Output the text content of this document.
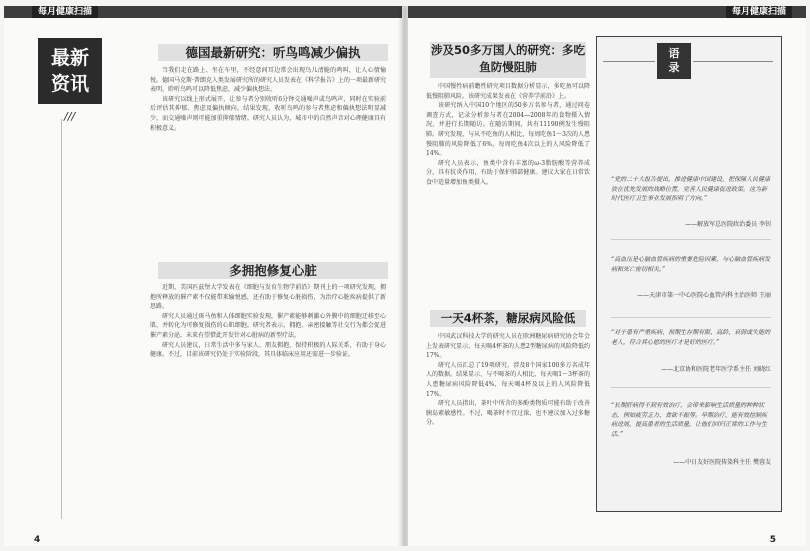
每月健康扫描
最新
资讯
///
德国最新研究：听鸟鸣减少偏执

当我们走在路上、坐在车里，不经意间耳边常会出现鸟儿清脆的鸣叫，让人心情愉悦。德国马克斯·普朗克人类发展研究所的研究人员发表在《科学报告》上的一项最新研究表明，聆听鸟鸣可以降低焦虑，减少偏执想法。

该研究以线上形式展开，让参与者分别收听6分钟交通噪声或鸟鸣声，同时在实验前后评估其抑郁、焦虑及偏执倾向。结果发现，收听鸟鸣的参与者焦虑和偏执想法明显减少，而交通噪声则可能加重抑郁情绪。研究人员认为，城市中的自然声音对心理健康具有积极意义。

多拥抱修复心脏

近期，美国匹兹堡大学发表在《细胞与发育生物学前沿》期刊上的一项研究发现，拥抱所释放的催产素不仅能带来愉悦感，还有助于修复心脏损伤，为治疗心脏疾病提供了新思路。

研究人员通过斑马鱼和人体细胞实验发现，催产素能够刺激心外膜中的细胞迁移至心肌，并转化为可修复损伤的心肌细胞。研究者表示，拥抱、亲密接触等社交行为都会促进催产素分泌，未来有望借此开发针对心脏病的新型疗法。

研究人员建议，日常生活中多与家人、朋友拥抱，保持积极的人际关系，有助于身心健康。不过，目前该研究仍处于实验阶段，其具体临床应用还需进一步验证。

4
每月健康扫描
涉及50多万国人的研究：多吃鱼防慢阻肺

中国慢性病前瞻性研究项目数据分析显示，多吃鱼可以降低慢阻肺风险。该研究成果发表在《营养学前沿》上。

该研究纳入中国10个地区的50多万名参与者，通过问卷调查方式，记录分析参与者在2004—2008年的食物摄入情况，并进行长期随访。在随访期间，共有11190例发生慢阻肺。研究发现，与从不吃鱼的人相比，每周吃鱼1～3次的人患慢阻肺的风险降低了6%，每周吃鱼4次以上的人风险降低了14%。

研究人员表示，鱼类中含有丰富的ω-3脂肪酸等营养成分，具有抗炎作用，有助于保护肺部健康。建议大家在日常饮食中适量增加鱼类摄入。

一天4杯茶，糖尿病风险低

中国武汉科技大学的研究人员在欧洲糖尿病研究协会年会上发表研究显示，每天喝4杯茶的人患2型糖尿病的风险降低约17%。

研究人员汇总了19项研究、涉及8个国家100多万名成年人的数据。结果显示，与不喝茶的人相比，每天喝1～3杯茶的人患糖尿病风险降低4%，每天喝4杯及以上的人风险降低17%。

研究人员指出，茶叶中所含的多酚类物质可能有助于改善胰岛素敏感性。不过，喝茶时不宜过浓，也不建议加入过多糖分。

语
录
“党的二十大报告提出，推进健康中国建设，把保障人民健康放在优先发展的战略位置，完善人民健康促进政策。这为新时代医疗卫生事业发展指明了方向。”
——解放军总医院政治委员 李钊
“高血压是心脑血管疾病的重要危险因素，与心脑血管疾病发病和死亡密切相关。”
——天津市第一中心医院心血管内科主治医师 王丽
“对于患有严重疾病、预期生存期有限、高龄、衰弱或失能的老人，符合其心愿的医疗才是好的医疗。”
——北京协和医院老年医学系主任 刘晓红
“长期肝病得不到有效治疗，会带来影响生活质量的种种状态，例如疲劳乏力、食欲不振等。早期治疗，能有效控制疾病进展，提高患者的生活质量，让他们回归正常的工作与生活。”
——中日友好医院传染科主任 樊蓉友
5
